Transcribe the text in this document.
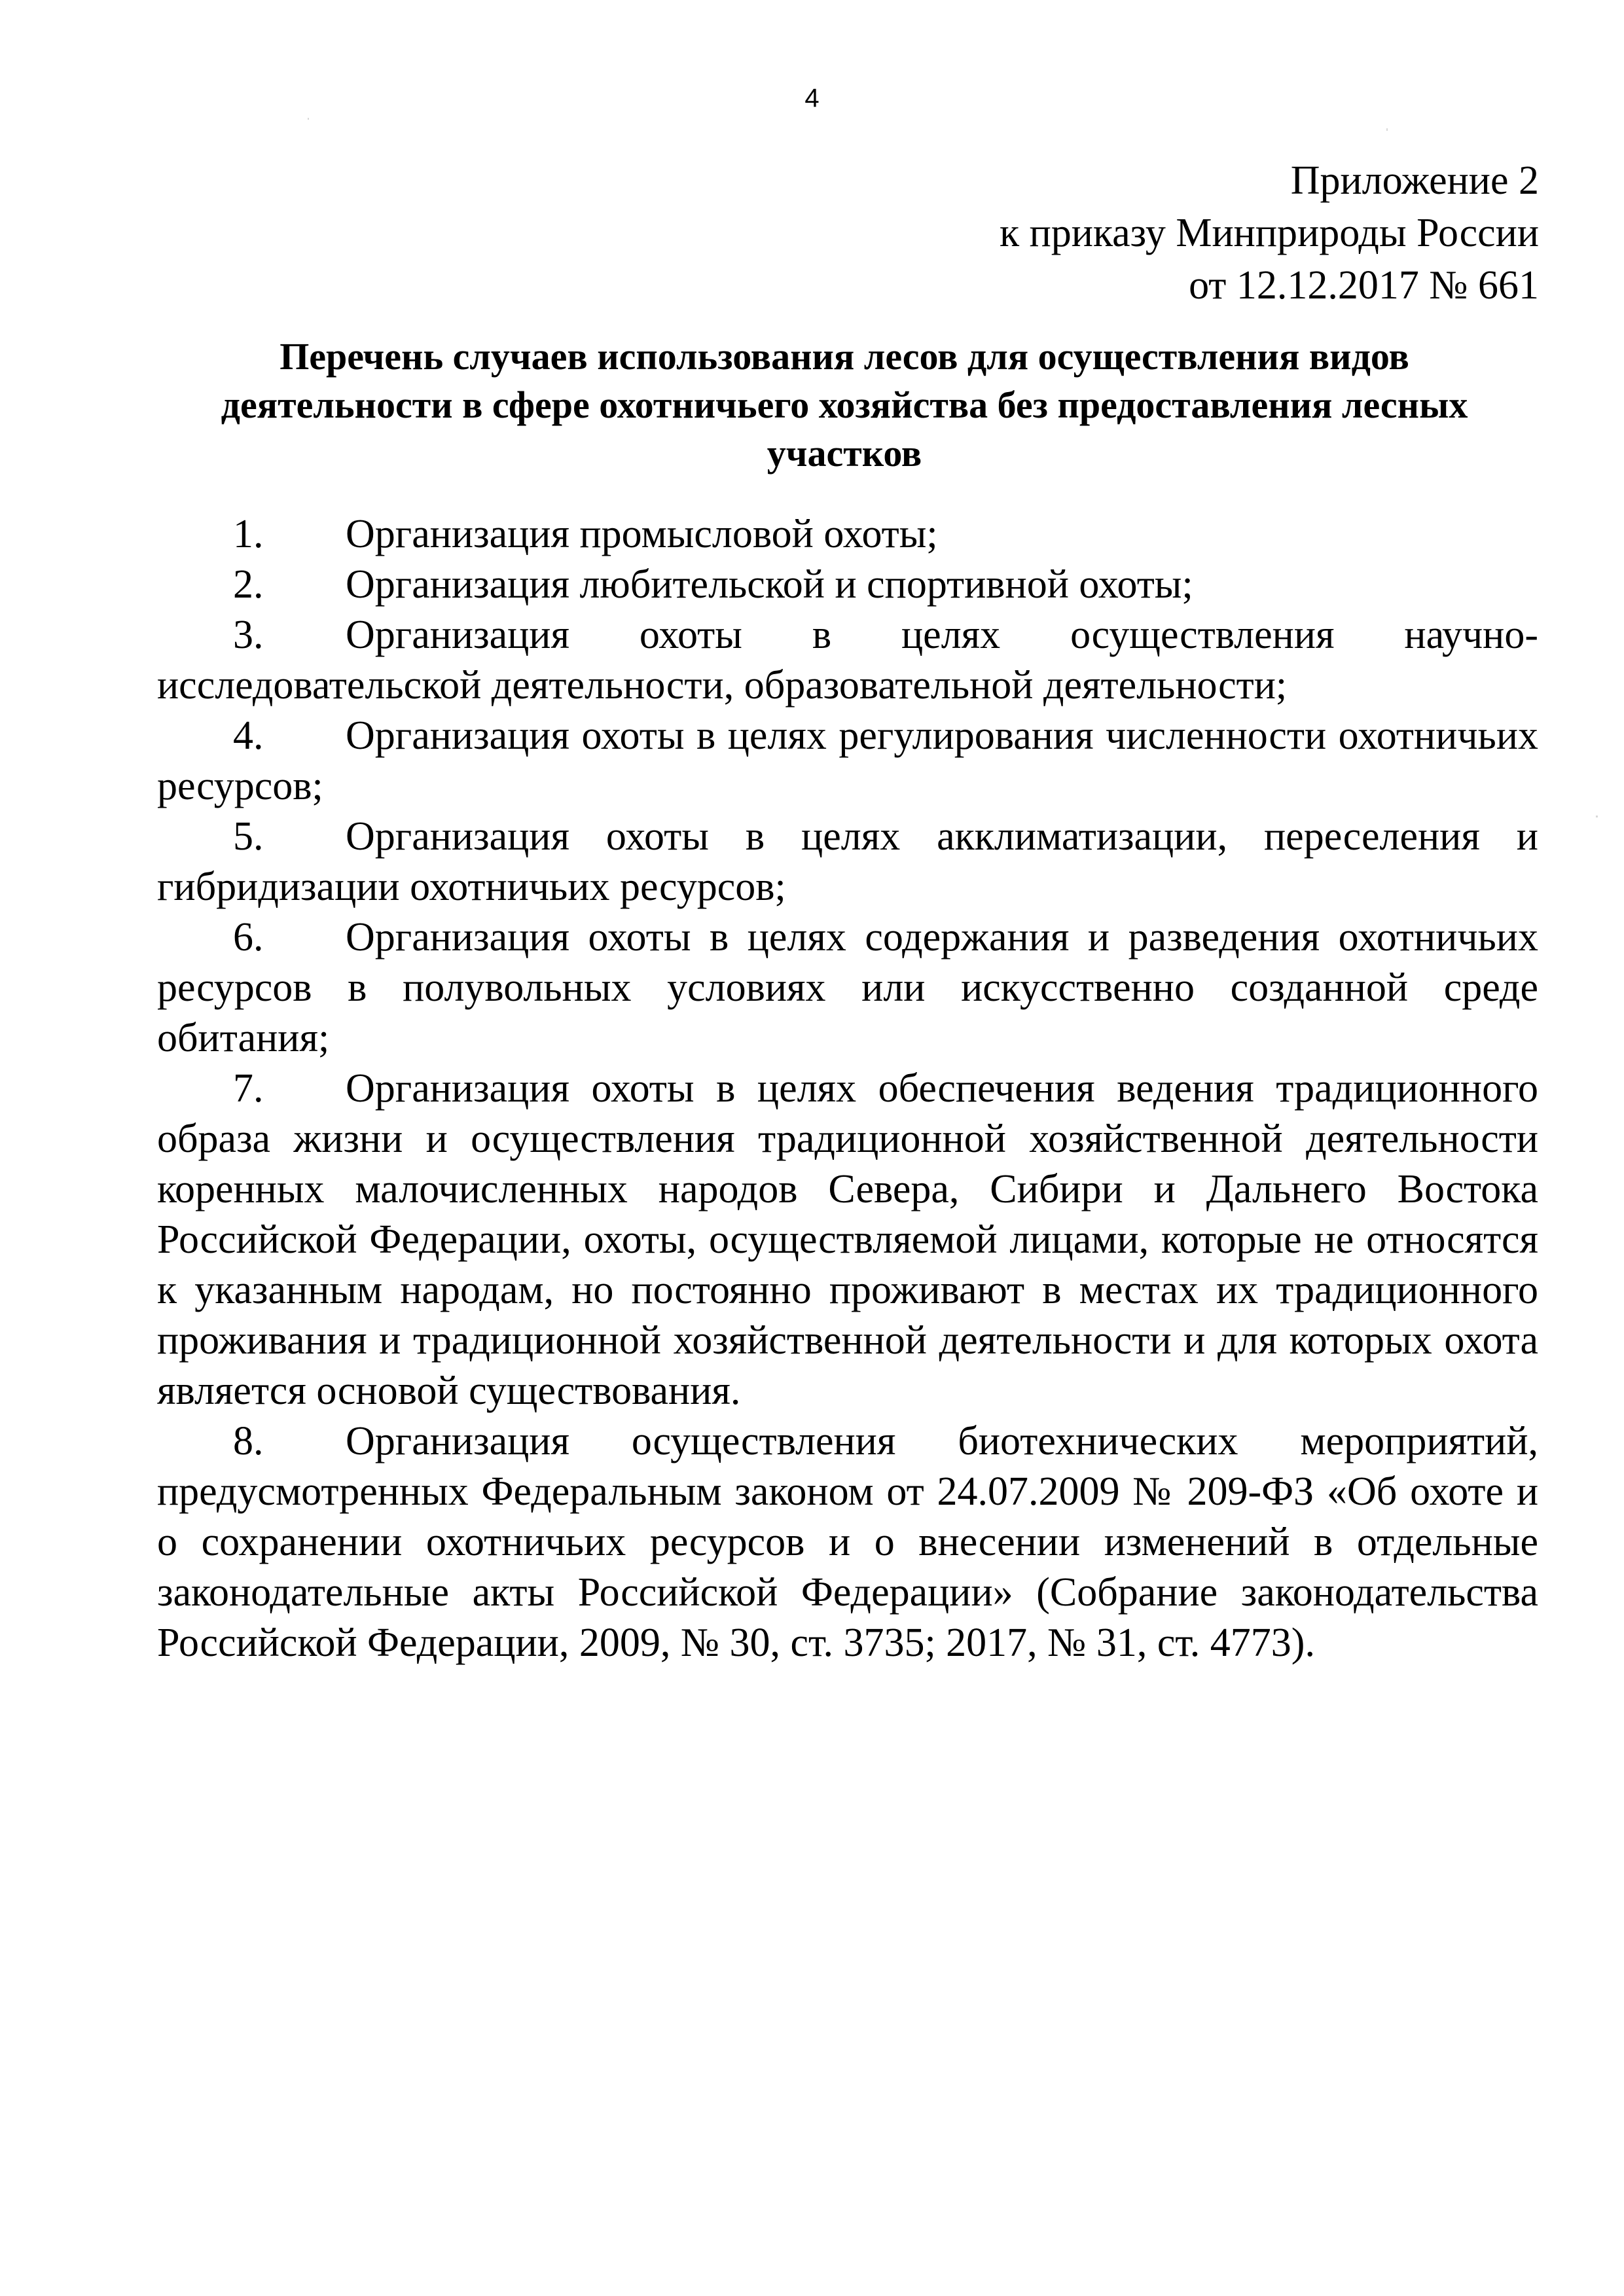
4
Приложение 2
к приказу Минприроды России
от 12.12.2017 № 661
Перечень случаев использования лесов для осуществления видов деятельности в сфере охотничьего хозяйства без предоставления лесных участков

1. Организация промысловой охоты;

2. Организация любительской и спортивной охоты;

3. Организация охоты в целях осуществления научно-исследовательской деятельности, образовательной деятельности;

4. Организация охоты в целях регулирования численности охотничьих ресурсов;

5. Организация охоты в целях акклиматизации, переселения и гибридизации охотничьих ресурсов;

6. Организация охоты в целях содержания и разведения охотничьих ресурсов в полувольных условиях или искусственно созданной среде обитания;

7. Организация охоты в целях обеспечения ведения традиционного образа жизни и осуществления традиционной хозяйственной деятельности коренных малочисленных народов Севера, Сибири и Дальнего Востока Российской Федерации, охоты, осуществляемой лицами, которые не относятся к указанным народам, но постоянно проживают в местах их традиционного проживания и традиционной хозяйственной деятельности и для которых охота является основой существования.

8. Организация осуществления биотехнических мероприятий, предусмотренных Федеральным законом от 24.07.2009 № 209-ФЗ «Об охоте и о сохранении охотничьих ресурсов и о внесении изменений в отдельные законодательные акты Российской Федерации» (Собрание законодательства Российской Федерации, 2009, № 30, ст. 3735; 2017, № 31, ст. 4773).
